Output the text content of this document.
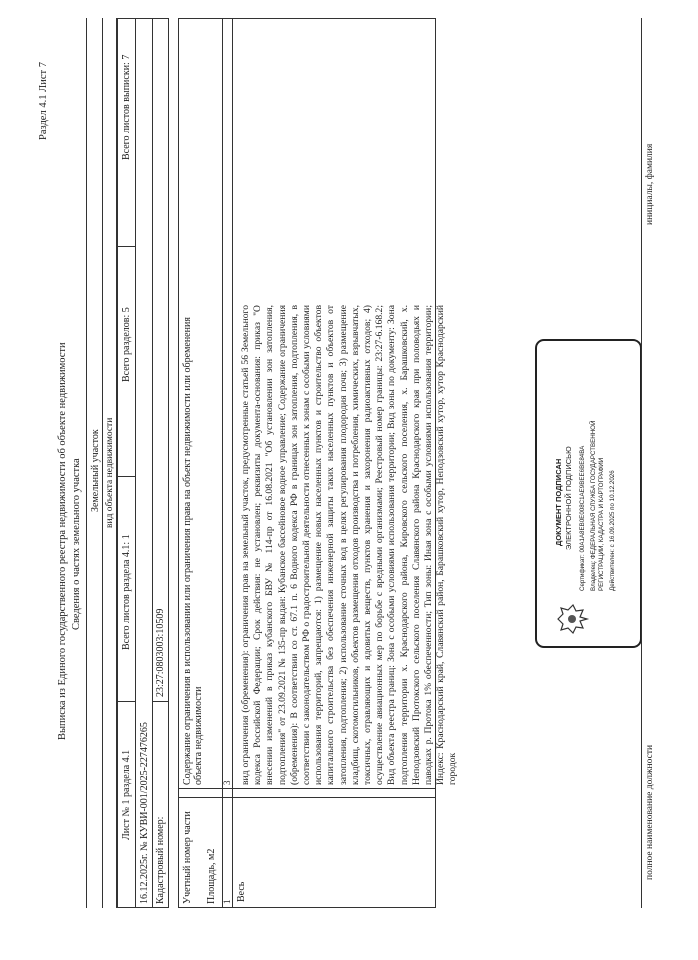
Раздел 4.1 Лист 7
Выписка из Единого государственного реестра недвижимости об объекте недвижимости Сведения о частях земельного участка Земельный участок вид объекта недвижимости
Лист № 1 раздела 4.1
Всего листов раздела 4.1: 1
Всего разделов: 5
Всего листов выписки: 7
16.12.2025г. № КУВИ-001/2025-227476265 Кадастровый номер:
23:27:0803003:10509
Учетный номер части Площадь, м2
Содержание ограничения в использовании или ограничения права на объект недвижимости или обременения объекта недвижимости
1
3
Весь
вид ограничения (обременения): ограничения прав на земельный участок, предусмотренные статьей 56 Земельного кодекса Российской Федерации; Срок действия: не установлен; реквизиты документа-основания: приказ "О внесении изменений в приказ кубанского БВУ № 114-пр от 16.08.2021 "Об установлении зон затопления, подтопления" от 23.09.2021 № 135-пр выдан: Кубанское бассейновое водное управление; Содержание ограничения (обременения): В соответствии со ст. 67.1 п. 6 Водного кодекса РФ в границах зон затопления, подтопления, в соответствии с законодательством РФ о градостроительной деятельности отнесенных к зонам с особыми условиями использования территорий, запрещаются: 1) размещение новых населенных пунктов и строительство объектов капитального строительства без обеспечения инженерной защиты таких населенных пунктов и объектов от затопления, подтопления; 2) использование сточных вод в целях регулирования плодородия почв; 3) размещение кладбищ, скотомогильников, объектов размещения отходов производства и потребления, химических, взрывчатых, токсичных, отравляющих и ядовитых веществ, пунктов хранения и захоронения радиоактивных отходов; 4) осуществление авиационных мер по борьбе с вредными организмами; Реестровый номер границы: 23:27-6.168.2; Вид объекта реестра границ: Зона с особыми условиями использования территории; Вид зоны по документу: Зона подтопления территории х. Краснодарского района, Кировского сельского поселения, х. Барашковский, х. Неподзовский Протокского сельского поселения Славянского района Краснодарского края при половодьях и паводках р. Протока 1% обеспеченности; Тип зоны: Иная зона с особыми условиями использования территории; Индекс: Краснодарский край, Славянский район, Барашковский хутор, Неподзовский хутор, хутор Краснодарский городок
ДОКУМЕНТ ПОДПИСАН ЭЛЕКТРОННОЙ ПОДПИСЬЮ Сертификат: 00А1А8ЕВ0Е008С1АЕ9ВЕЕ6ВЕ84ВА Владелец: ФЕДЕРАЛЬНАЯ СЛУЖБА ГОСУДАРСТВЕННОЙ РЕГИСТРАЦИИ, КАДАСТРА И КАРТОГРАФИИ Действителен: с 16.09.2025 по 10.12.2026
полное наименование должности
инициалы, фамилия
